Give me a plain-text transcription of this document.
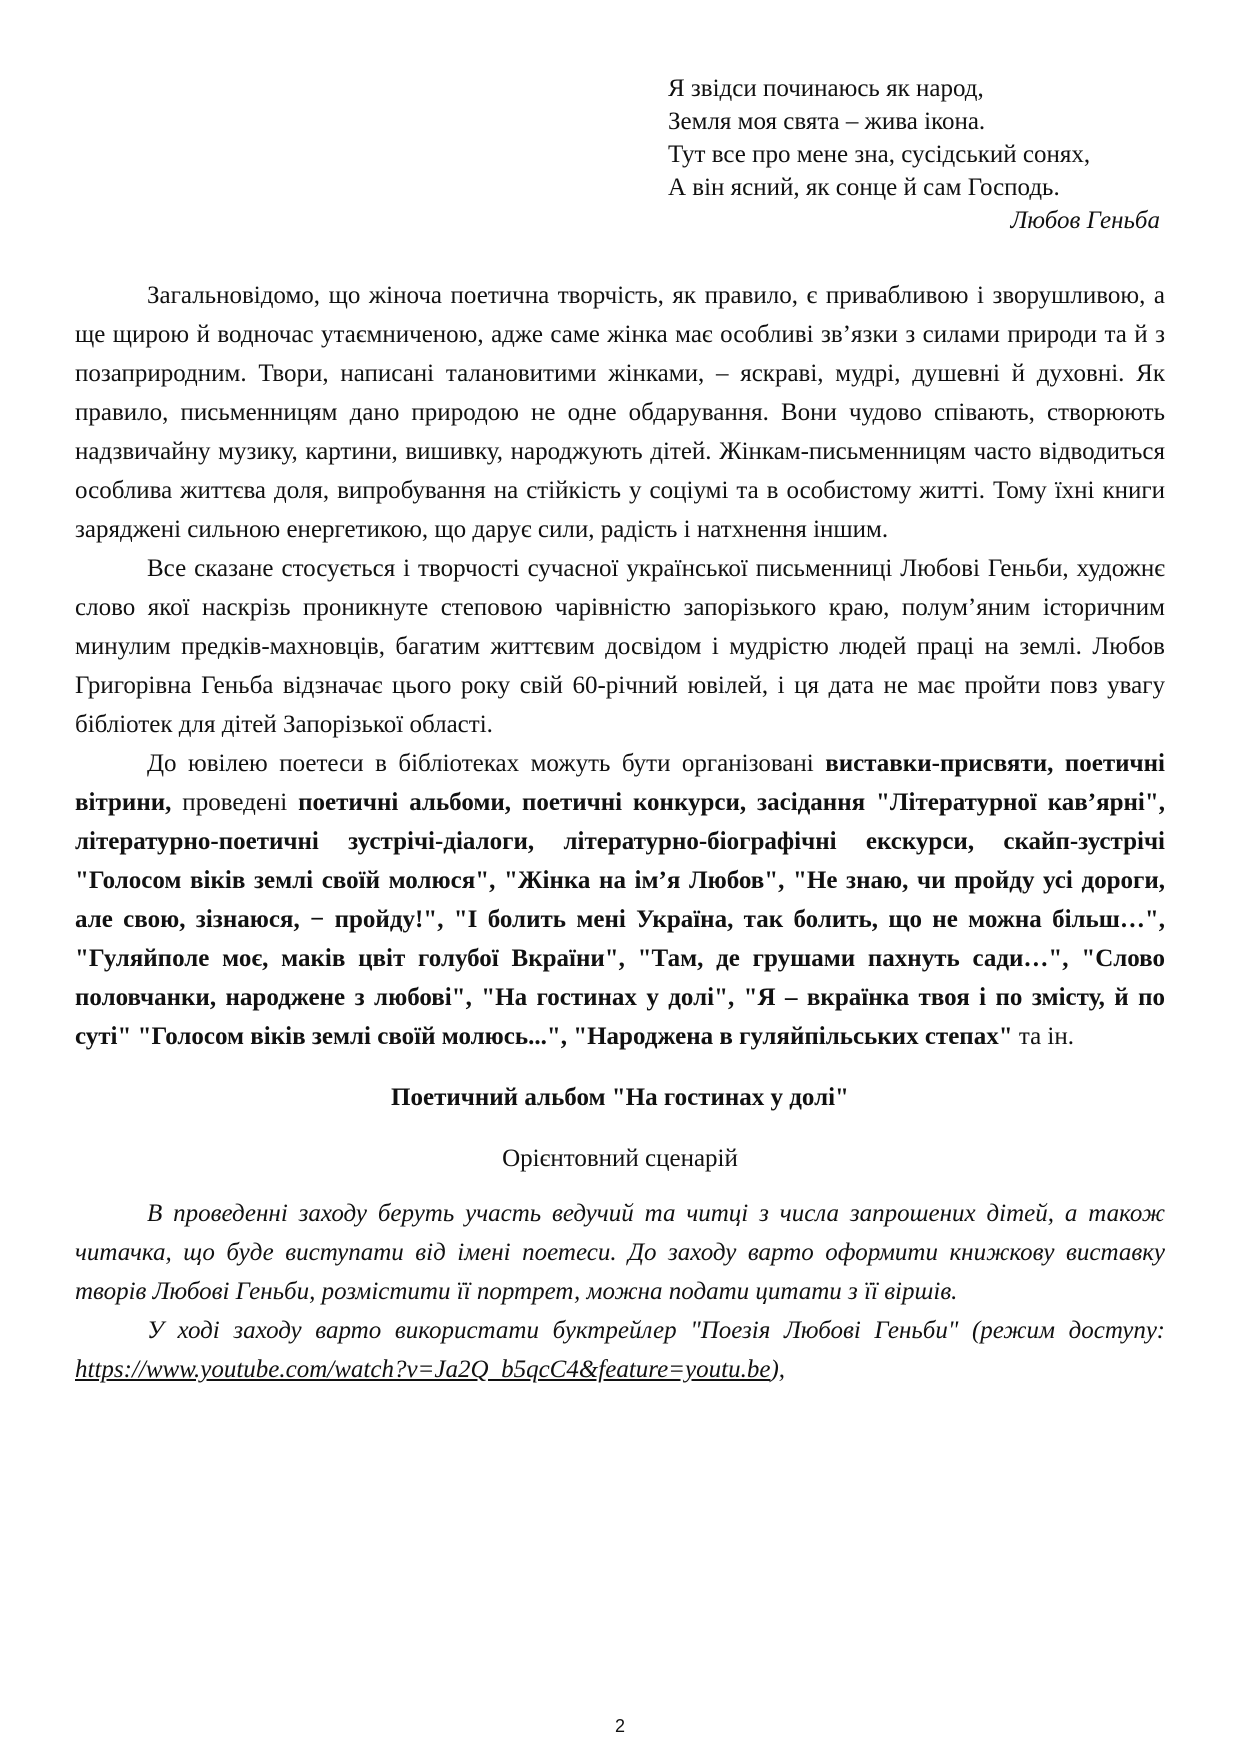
Я звідси починаюсь як народ,
Земля моя свята – жива ікона.
Тут все про мене зна, сусідський сонях,
А він ясний, як сонце й сам Господь.
Любов Геньба

Загальновідомо, що жіноча поетична творчість, як правило, є привабливою і зворушливою, а ще щирою й водночас утаємниченою, адже саме жінка має особливі зв’язки з силами природи та й з позаприродним. Твори, написані талановитими жінками, – яскраві, мудрі, душевні й духовні. Як правило, письменницям дано природою не одне обдарування. Вони чудово співають, створюють надзвичайну музику, картини, вишивку, народжують дітей. Жінкам-письменницям часто відводиться особлива життєва доля, випробування на стійкість у соціумі та в особистому житті. Тому їхні книги заряджені сильною енергетикою, що дарує сили, радість і натхнення іншим.

Все сказане стосується і творчості сучасної української письменниці Любові Геньби, художнє слово якої наскрізь проникнуте степовою чарівністю запорізького краю, полум’яним історичним минулим предків-махновців, багатим життєвим досвідом і мудрістю людей праці на землі. Любов Григорівна Геньба відзначає цього року свій 60-річний ювілей, і ця дата не має пройти повз увагу бібліотек для дітей Запорізької області.

До ювілею поетеси в бібліотеках можуть бути організовані виставки-присвяти, поетичні вітрини, проведені поетичні альбоми, поетичні конкурси, засідання "Літературної кав’ярні", літературно-поетичні зустрічі-діалоги, літературно-біографічні екскурси, скайп-зустрічі "Голосом віків землі своїй молюся", "Жінка на ім’я Любов", "Не знаю, чи пройду усі дороги, але свою, зізнаюся, − пройду!", "І болить мені Україна, так болить, що не можна більш…", "Гуляйполе моє, маків цвіт голубої Вкраїни", "Там, де грушами пахнуть сади…", "Слово половчанки, народжене з любові", "На гостинах у долі", "Я – вкраїнка твоя і по змісту, й по суті" "Голосом віків землі своїй молюсь...", "Народжена в гуляйпільських степах" та ін.

Поетичний альбом "На гостинах у долі"

Орієнтовний сценарій

В проведенні заходу беруть участь ведучий та читці з числа запрошених дітей, а також читачка, що буде виступати від імені поетеси. До заходу варто оформити книжкову виставку творів Любові Геньби, розмістити її портрет, можна подати цитати з її віршів.

У ході заходу варто використати буктрейлер "Поезія Любові Геньби" (режим доступу: https://www.youtube.com/watch?v=Ja2Q_b5qcC4&feature=youtu.be),

2
